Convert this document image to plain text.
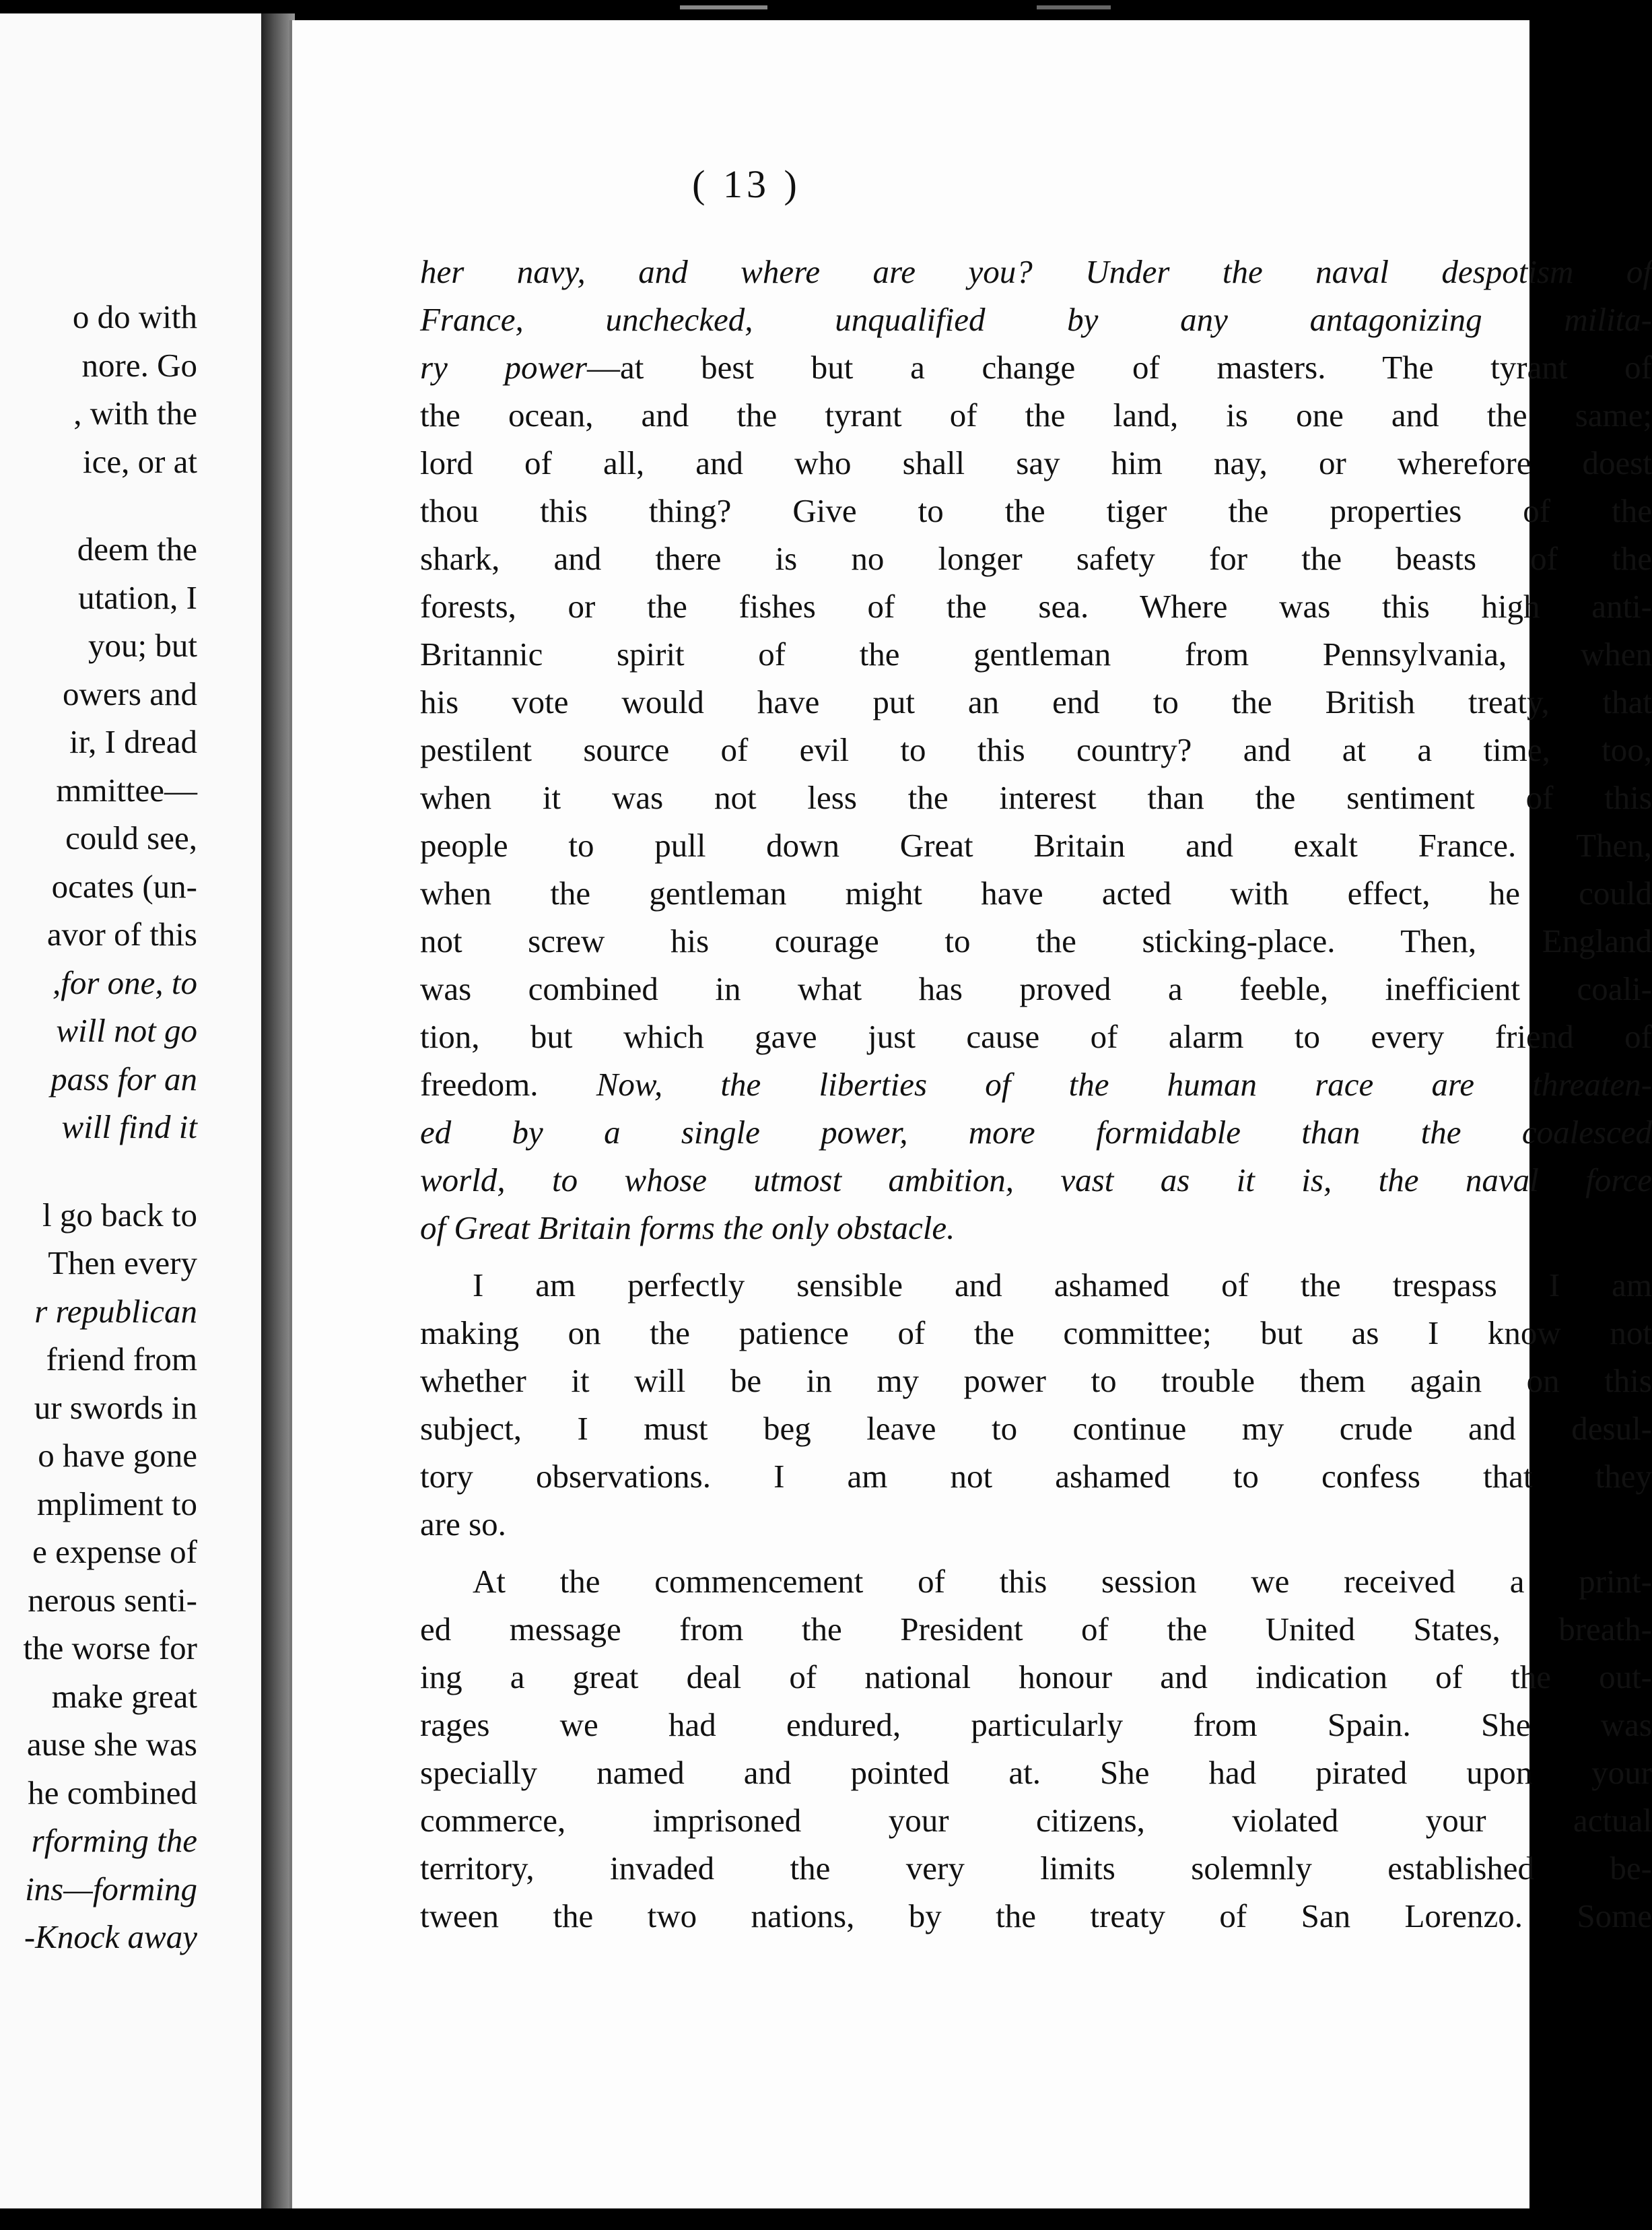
o do with
nore. Go
, with the
ice, or at
deem the
utation, I
you; but
owers and
ir, I dread
mmittee—
could see,
ocates (un-
avor of this
,for one, to
will not go
pass for an
will find it
l go back to
Then every
r republican
friend from
ur swords in
o have gone
mpliment to
e expense of
nerous senti-
the worse for
make great
ause she was
he combined
rforming the
ins—forming
-Knock away
( 13 )
her navy, and where are you? Under the naval despotism of
France, unchecked, unqualified by any antagonizing milita-
ry power—at best but a change of masters. The tyrant of
the ocean, and the tyrant of the land, is one and the same;
lord of all, and who shall say him nay, or wherefore doest
thou this thing? Give to the tiger the properties of the
shark, and there is no longer safety for the beasts of the
forests, or the fishes of the sea. Where was this high anti-
Britannic spirit of the gentleman from Pennsylvania, when
his vote would have put an end to the British treaty, that
pestilent source of evil to this country? and at a time, too,
when it was not less the interest than the sentiment of this
people to pull down Great Britain and exalt France. Then,
when the gentleman might have acted with effect, he could
not screw his courage to the sticking-place. Then, England
was combined in what has proved a feeble, inefficient coali-
tion, but which gave just cause of alarm to every friend of
freedom. Now, the liberties of the human race are threaten-
ed by a single power, more formidable than the coalesced
world, to whose utmost ambition, vast as it is, the naval force
of Great Britain forms the only obstacle.
I am perfectly sensible and ashamed of the trespass I am
making on the patience of the committee; but as I know not
whether it will be in my power to trouble them again on this
subject, I must beg leave to continue my crude and desul-
tory observations. I am not ashamed to confess that they
are so.
At the commencement of this session we received a print-
ed message from the President of the United States, breath-
ing a great deal of national honour and indication of the out-
rages we had endured, particularly from Spain. She was
specially named and pointed at. She had pirated upon your
commerce, imprisoned your citizens, violated your actual
territory, invaded the very limits solemnly established be-
tween the two nations, by the treaty of San Lorenzo. Some
